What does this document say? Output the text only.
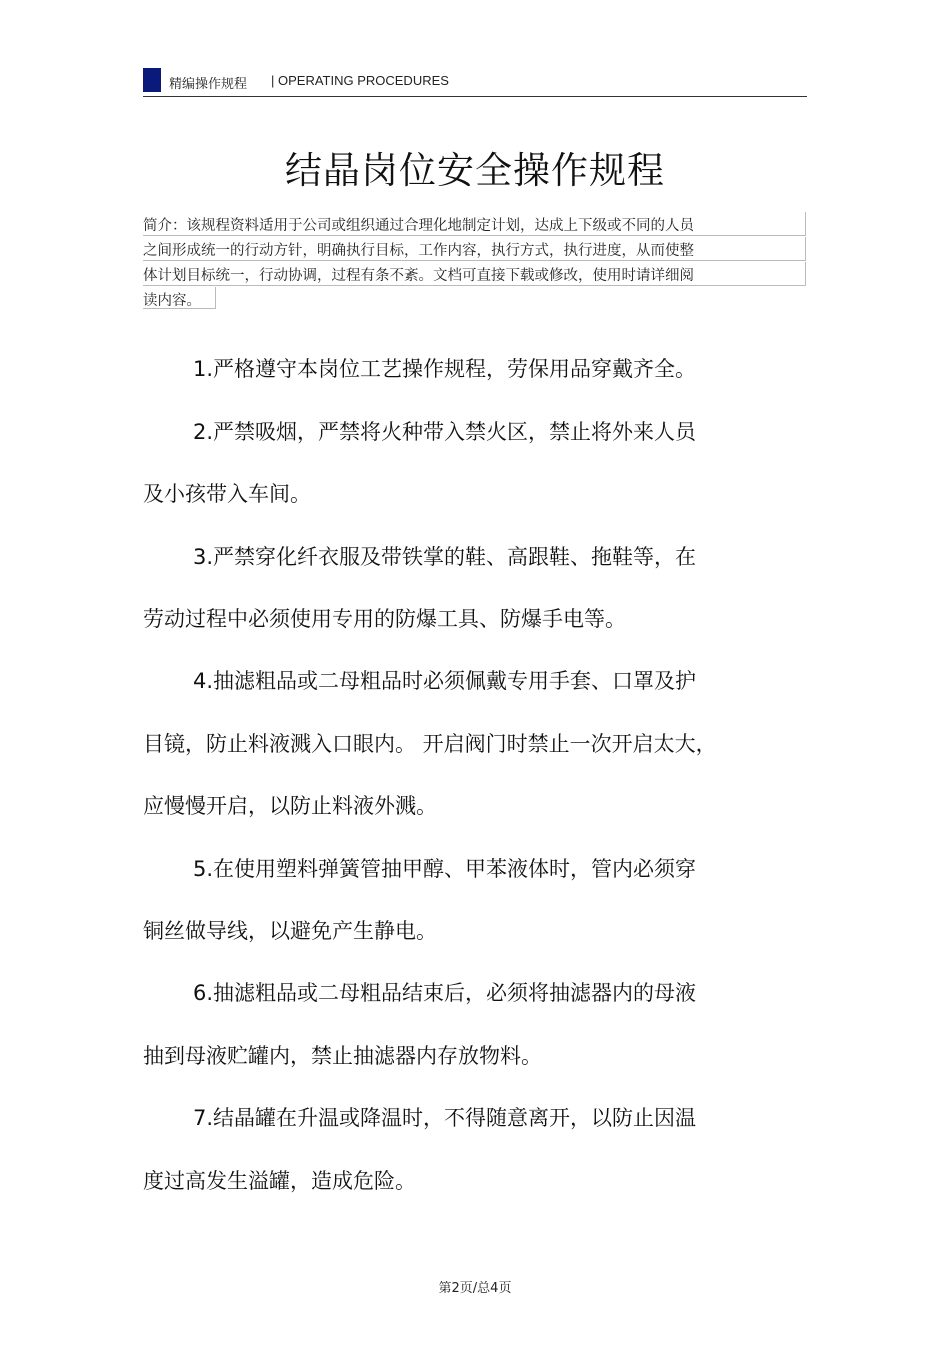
精编操作规程 | OPERATING PROCEDURES
结晶岗位安全操作规程
简介：该规程资料适用于公司或组织通过合理化地制定计划，达成上下级或不同的人员
之间形成统一的行动方针，明确执行目标，工作内容，执行方式，执行进度，从而使整
体计划目标统一，行动协调，过程有条不紊。文档可直接下载或修改，使用时请详细阅
读内容。
1.严格遵守本岗位工艺操作规程，劳保用品穿戴齐全。
2.严禁吸烟，严禁将火种带入禁火区，禁止将外来人员
及小孩带入车间。
3.严禁穿化纤衣服及带铁掌的鞋、高跟鞋、拖鞋等，在
劳动过程中必须使用专用的防爆工具、防爆手电等。
4.抽滤粗品或二母粗品时必须佩戴专用手套、口罩及护
目镜，防止料液溅入口眼内。 开启阀门时禁止一次开启太大，
应慢慢开启，以防止料液外溅。
5.在使用塑料弹簧管抽甲醇、甲苯液体时，管内必须穿
铜丝做导线，以避免产生静电。
6.抽滤粗品或二母粗品结束后，必须将抽滤器内的母液
抽到母液贮罐内，禁止抽滤器内存放物料。
7.结晶罐在升温或降温时，不得随意离开，以防止因温
度过高发生溢罐，造成危险。
第2页/总4页
